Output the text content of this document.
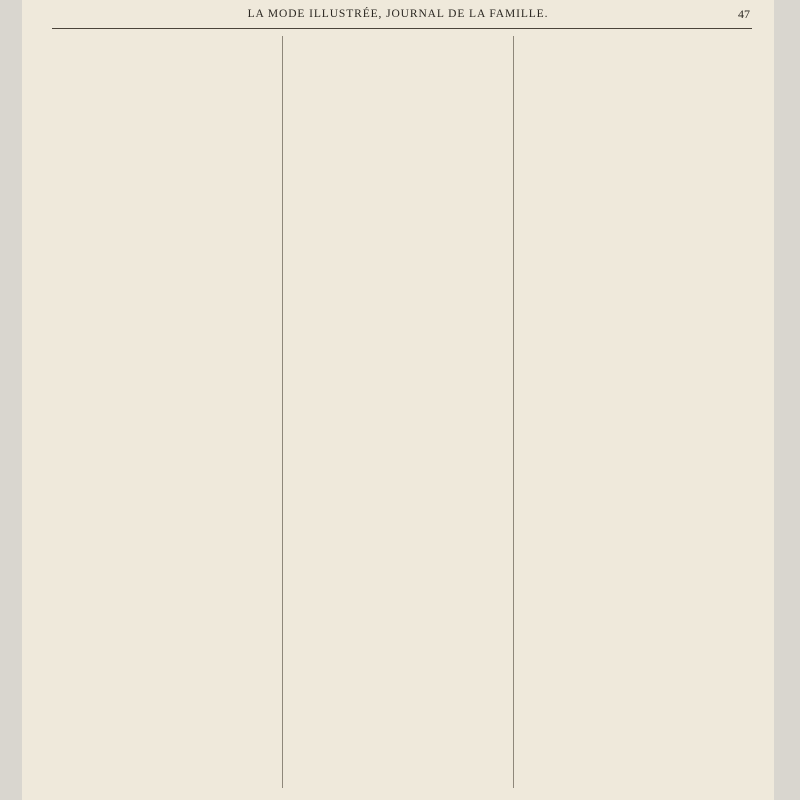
LA MODE ILLUSTRÉE, JOURNAL DE LA FAMILLE.	47
